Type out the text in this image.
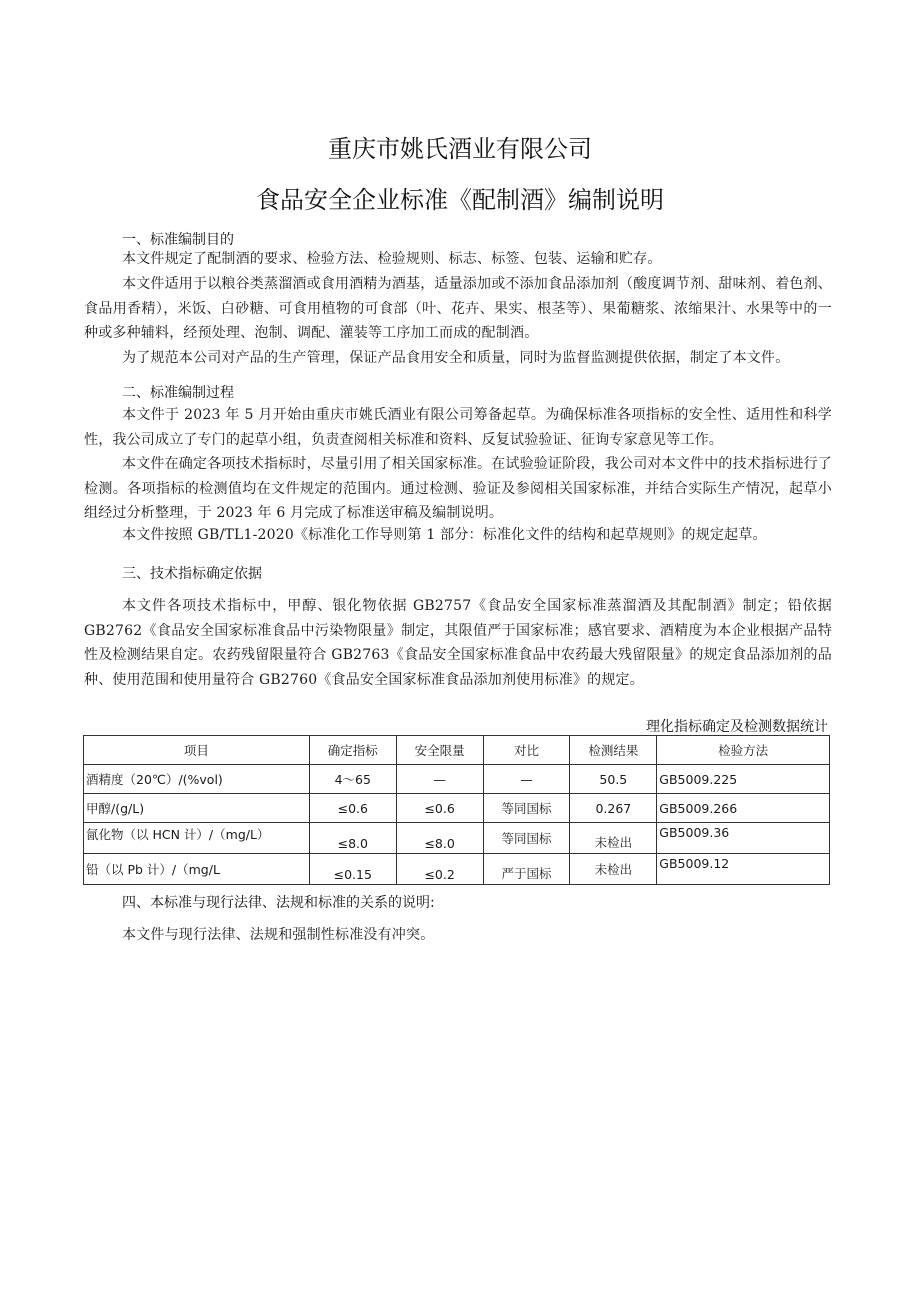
重庆市姚氏酒业有限公司
食品安全企业标准《配制酒》编制说明
一、标准编制目的
本文件规定了配制酒的要求、检验方法、检验规则、标志、标签、包装、运输和贮存。
本文件适用于以粮谷类蒸溜酒或食用酒精为酒基，适量添加或不添加食品添加剂（酸度调节剂、甜味剂、着色剂、食品用香精），米饭、白砂糖、可食用植物的可食部（叶、花卉、果实、根茎等）、果葡糖浆、浓缩果汁、水果等中的一种或多种辅料，经预处理、泡制、调配、灌装等工序加工而成的配制酒。
为了规范本公司对产品的生产管理，保证产品食用安全和质量，同时为监督监测提供依据，制定了本文件。
二、标准编制过程
本文件于 2023 年 5 月开始由重庆市姚氏酒业有限公司筹备起草。为确保标准各项指标的安全性、适用性和科学性，我公司成立了专门的起草小组，负责查阅相关标准和资料、反复试验验证、征询专家意见等工作。
本文件在确定各项技术指标时，尽量引用了相关国家标准。在试验验证阶段，我公司对本文件中的技术指标进行了检测。各项指标的检测值均在文件规定的范围内。通过检测、验证及参阅相关国家标准，并结合实际生产情况，起草小组经过分析整理，于 2023 年 6 月完成了标准送审稿及编制说明。
本文件按照 GB/TL1-2020《标准化工作导则第 1 部分：标准化文件的结构和起草规则》的规定起草。
三、技术指标确定依据
本文件各项技术指标中，甲醇、银化物依据 GB2757《食品安全国家标准蒸溜酒及其配制酒》制定；铅依据 GB2762《食品安全国家标准食品中污染物限量》制定，其限值严于国家标准；感官要求、酒精度为本企业根据产品特性及检测结果自定。农药残留限量符合 GB2763《食品安全国家标准食品中农药最大残留限量》的规定食品添加剂的品种、使用范围和使用量符合 GB2760《食品安全国家标准食品添加剂使用标准》的规定。
理化指标确定及检测数据统计
项目	确定指标	安全限量	对比	检测结果	检验方法
酒精度（20℃）/(%vol)	4～65	—	—	50.5	GB5009.225
甲醇/(g/L)	≤0.6	≤0.6	等同国标	0.267	GB5009.266
氤化物（以 HCN 计）/（mg/L）	≤8.0	≤8.0	等同国标	未检出	GB5009.36
铅（以 Pb 计）/（mg/L	≤0.15	≤0.2	严于国标	未检出	GB5009.12
四、本标准与现行法律、法规和标准的关系的说明:
本文件与现行法律、法规和强制性标准没有冲突。
